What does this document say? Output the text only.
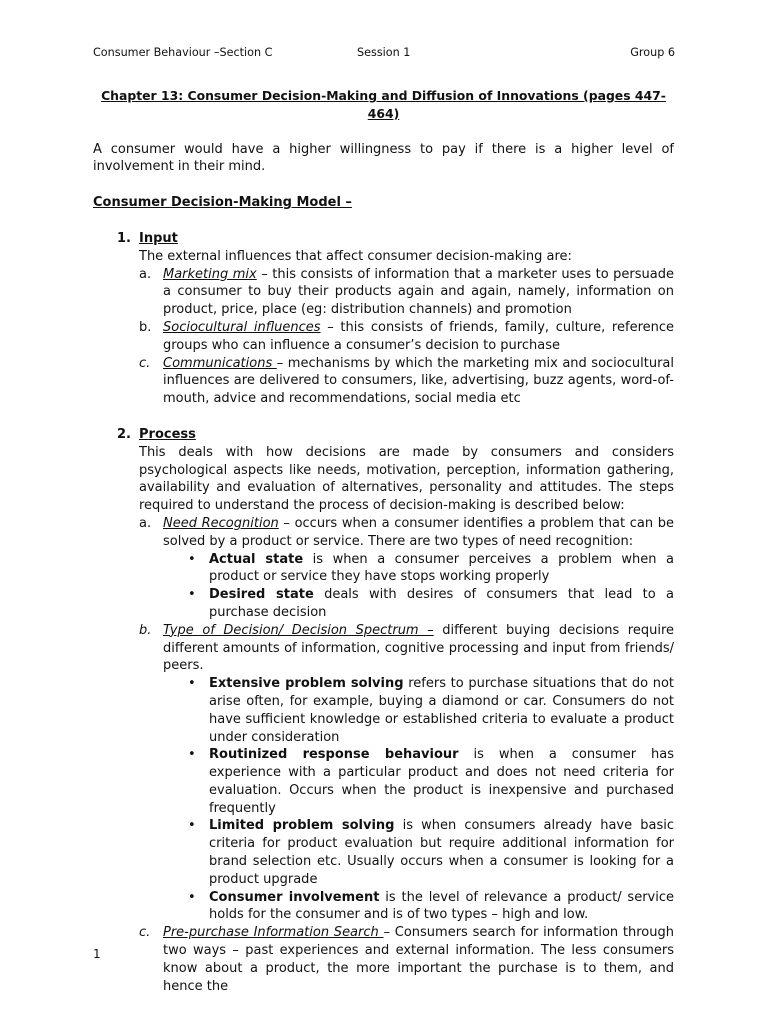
Consumer Behaviour –Section C	Session 1	Group 6
Chapter 13: Consumer Decision-Making and Diffusion of Innovations (pages 447- 464)

A consumer would have a higher willingness to pay if there is a higher level of involvement in their mind.

Consumer Decision-Making Model –
1. Input
The external influences that affect consumer decision-making are:
a. Marketing mix – this consists of information that a marketer uses to persuade a consumer to buy their products again and again, namely, information on product, price, place (eg: distribution channels) and promotion
b. Sociocultural influences – this consists of friends, family, culture, reference groups who can influence a consumer’s decision to purchase
c. Communications – mechanisms by which the marketing mix and sociocultural influences are delivered to consumers, like, advertising, buzz agents, word-of-mouth, advice and recommendations, social media etc
2. Process

This deals with how decisions are made by consumers and considers psychological aspects like needs, motivation, perception, information gathering, availability and evaluation of alternatives, personality and attitudes. The steps required to understand the process of decision-making is described below:

a. Need Recognition – occurs when a consumer identifies a problem that can be solved by a product or service. There are two types of need recognition:
• Actual state is when a consumer perceives a problem when a product or service they have stops working properly
• Desired state deals with desires of consumers that lead to a purchase decision
b. Type of Decision/ Decision Spectrum – different buying decisions require different amounts of information, cognitive processing and input from friends/ peers.
• Extensive problem solving refers to purchase situations that do not arise often, for example, buying a diamond or car. Consumers do not have sufficient knowledge or established criteria to evaluate a product under consideration
• Routinized response behaviour is when a consumer has experience with a particular product and does not need criteria for evaluation. Occurs when the product is inexpensive and purchased frequently
• Limited problem solving is when consumers already have basic criteria for product evaluation but require additional information for brand selection etc. Usually occurs when a consumer is looking for a product upgrade
• Consumer involvement is the level of relevance a product/ service holds for the consumer and is of two types – high and low.
c. Pre-purchase Information Search – Consumers search for information through two ways – past experiences and external information. The less consumers know about a product, the more important the purchase is to them, and hence the
1
